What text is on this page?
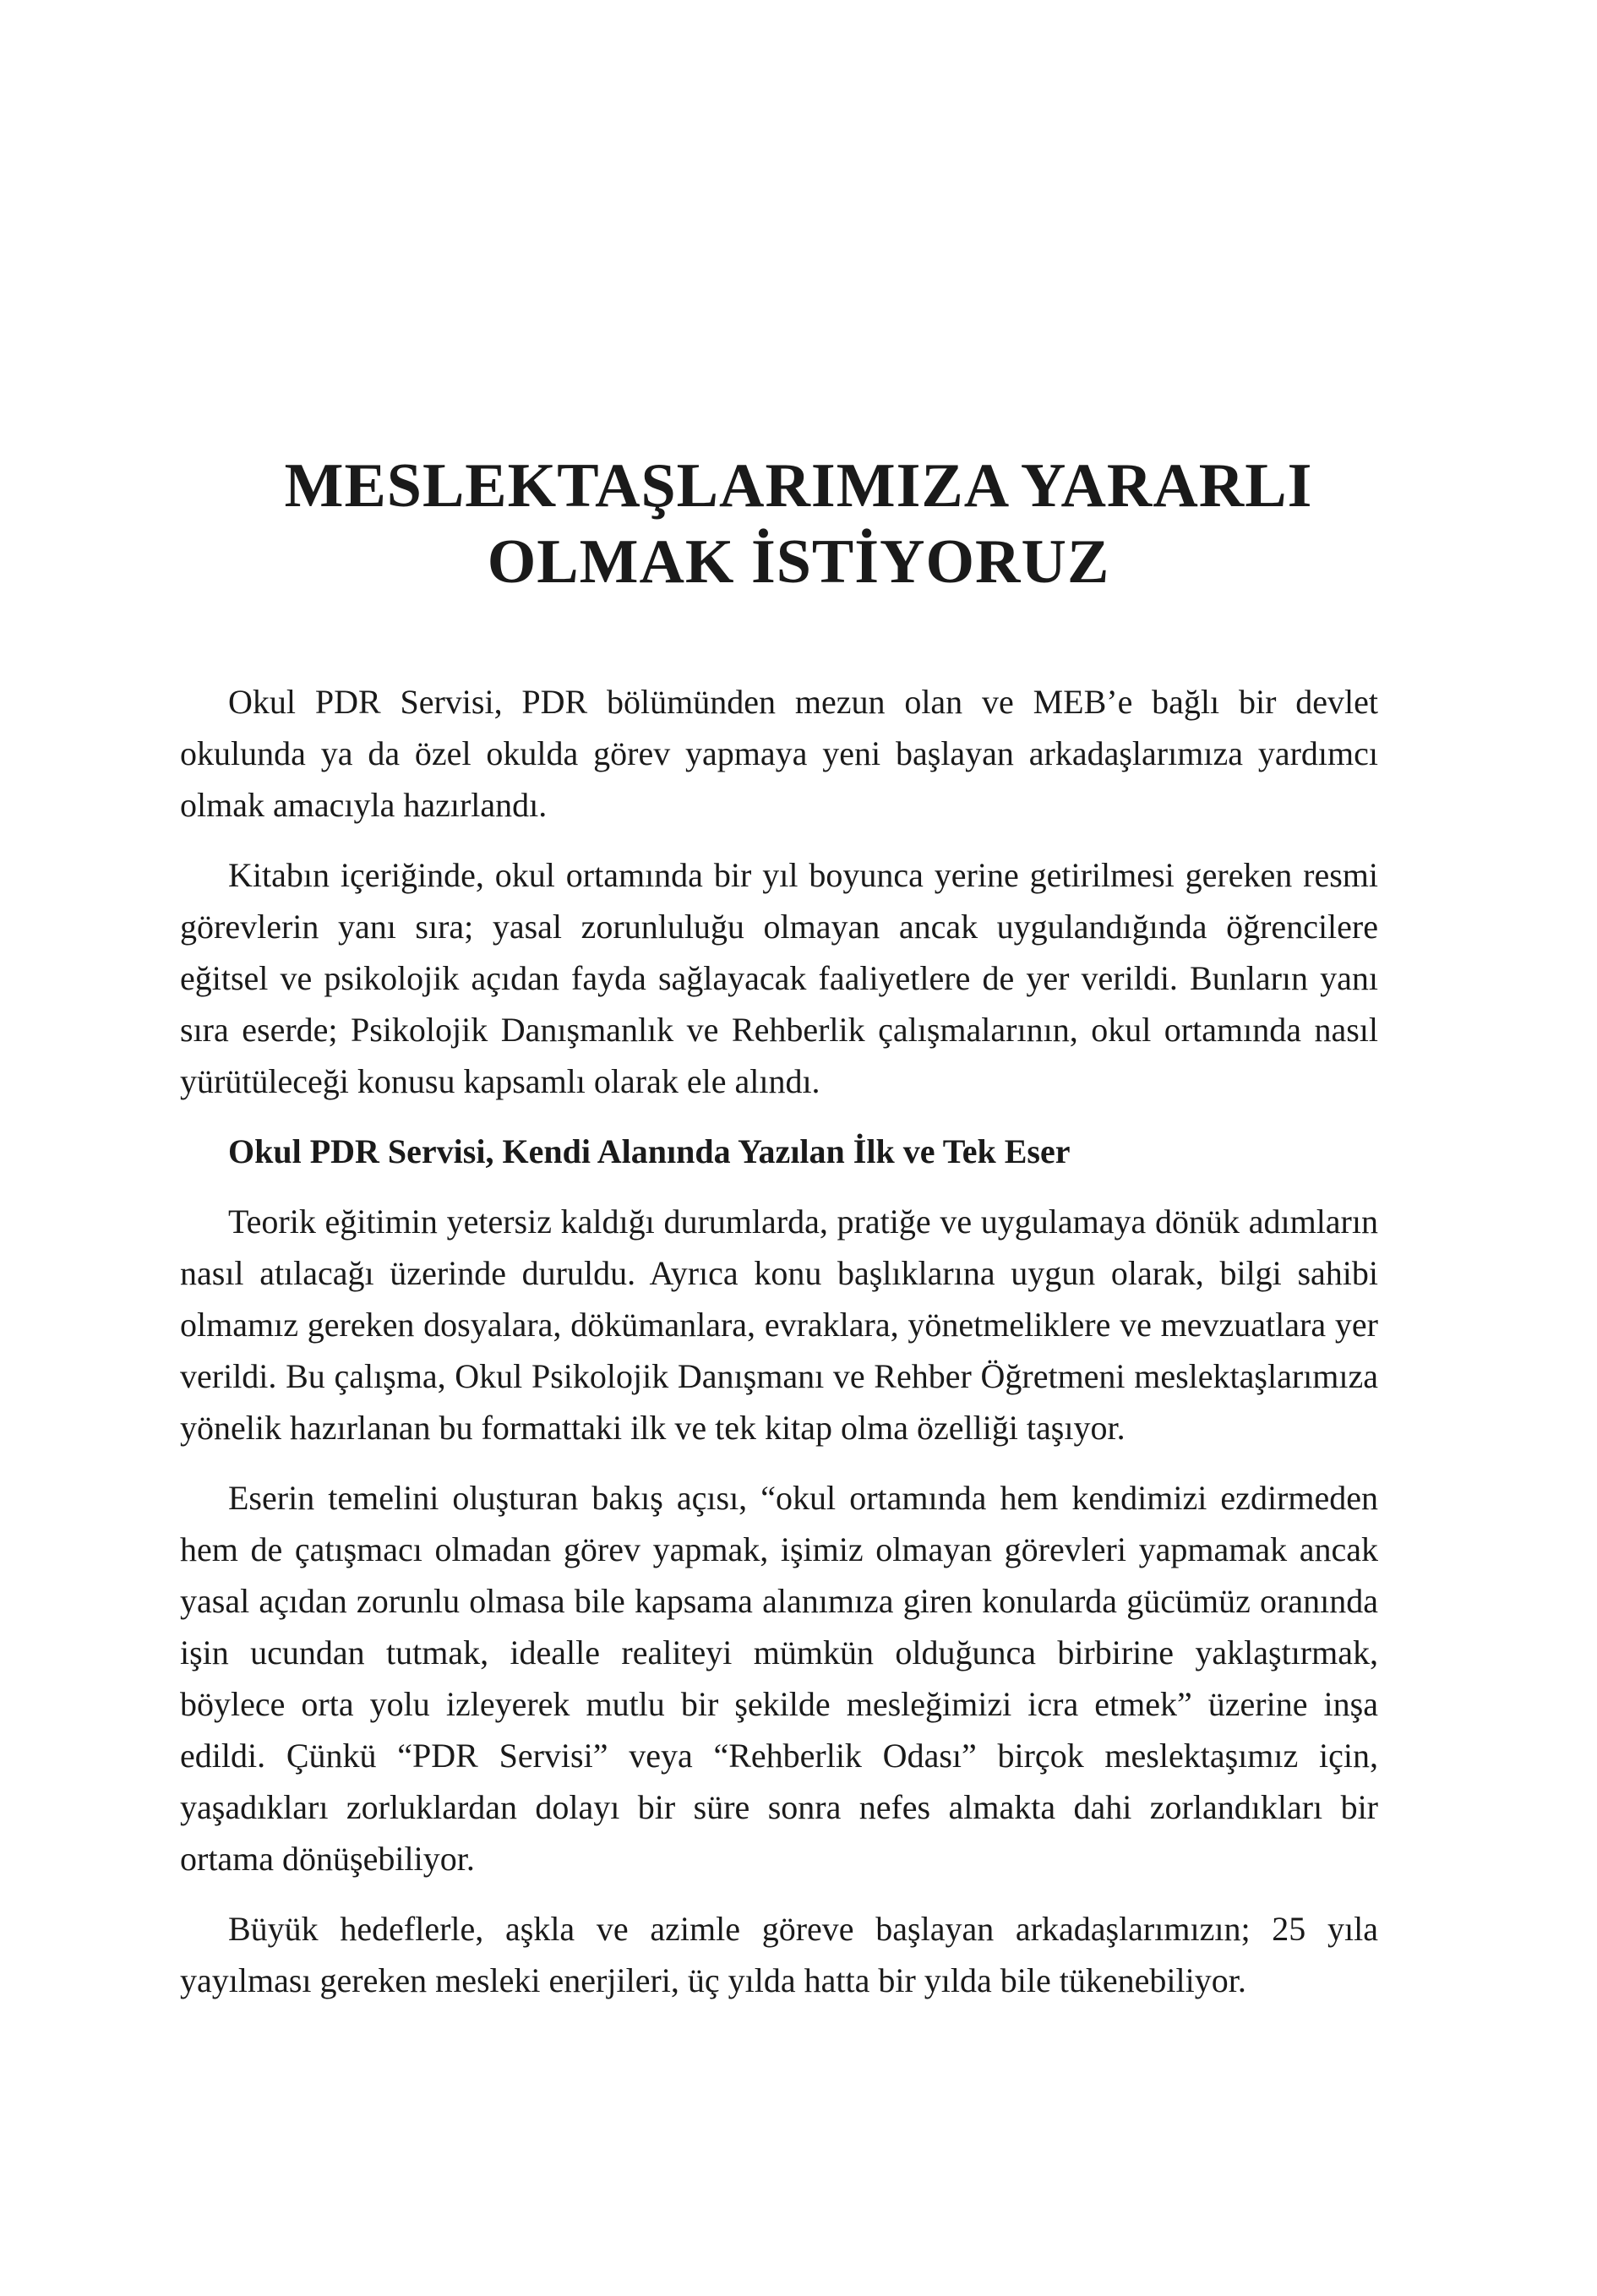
MESLEKTAŞLARIMIZA YARARLI
OLMAK İSTİYORUZ

Okul PDR Servisi, PDR bölümünden mezun olan ve MEB’e bağlı bir devlet okulunda ya da özel okulda görev yapmaya yeni başlayan arkadaşlarımıza yardımcı olmak amacıyla hazırlandı.

Kitabın içeriğinde, okul ortamında bir yıl boyunca yerine getirilmesi gereken resmi görevlerin yanı sıra; yasal zorunluluğu olmayan ancak uygulandığında öğrencilere eğitsel ve psikolojik açıdan fayda sağlayacak faaliyetlere de yer verildi. Bunların yanı sıra eserde; Psikolojik Danışmanlık ve Rehberlik çalışmalarının, okul ortamında nasıl yürütüleceği konusu kapsamlı olarak ele alındı.

Okul PDR Servisi, Kendi Alanında Yazılan İlk ve Tek Eser

Teorik eğitimin yetersiz kaldığı durumlarda, pratiğe ve uygulamaya dönük adımların nasıl atılacağı üzerinde duruldu. Ayrıca konu başlıklarına uygun olarak, bilgi sahibi olmamız gereken dosyalara, dökümanlara, evraklara, yönetmeliklere ve mevzuatlara yer verildi. Bu çalışma, Okul Psikolojik Danışmanı ve Rehber Öğretmeni meslektaşlarımıza yönelik hazırlanan bu formattaki ilk ve tek kitap olma özelliği taşıyor.

Eserin temelini oluşturan bakış açısı, “okul ortamında hem kendimizi ezdirmeden hem de çatışmacı olmadan görev yapmak, işimiz olmayan görevleri yapmamak ancak yasal açıdan zorunlu olmasa bile kapsama alanımıza giren konularda gücümüz oranında işin ucundan tutmak, idealle realiteyi mümkün olduğunca birbirine yaklaştırmak, böylece orta yolu izleyerek mutlu bir şekilde mesleğimizi icra etmek” üzerine inşa edildi. Çünkü “PDR Servisi” veya “Rehberlik Odası” birçok meslektaşımız için, yaşadıkları zorluklardan dolayı bir süre sonra nefes almakta dahi zorlandıkları bir ortama dönüşebiliyor.

Büyük hedeflerle, aşkla ve azimle göreve başlayan arkadaşlarımızın; 25 yıla yayılması gereken mesleki enerjileri, üç yılda hatta bir yılda bile tükenebiliyor.
